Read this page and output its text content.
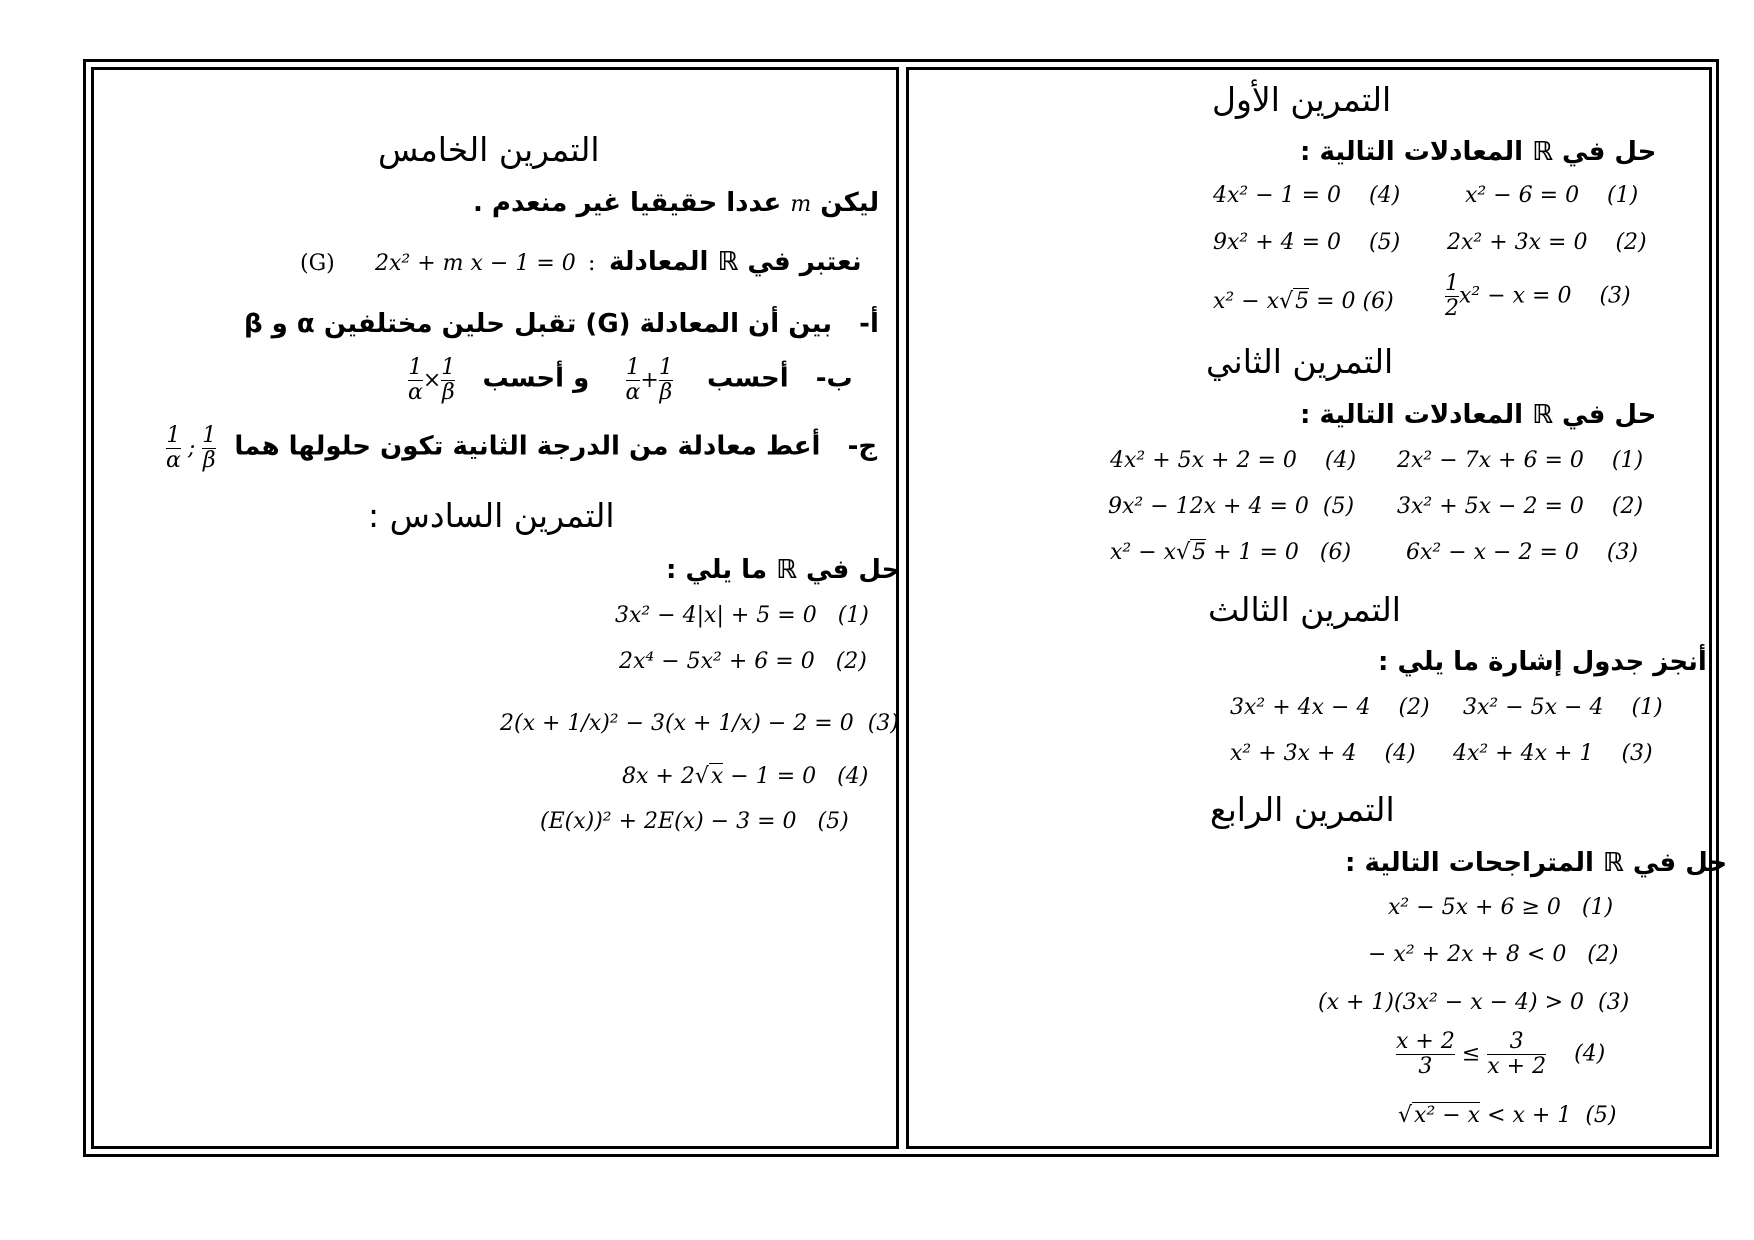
التمرين الأول
حل في ℝ المعادلات التالية :
x² − 6 = 0 (1)
4x² − 1 = 0 (4)
2x² + 3x = 0 (2)
9x² + 4 = 0 (5)
$\frac{1}{2} x^2 - x = 0$ (3)
x² − x√5 = 0 (6)
التمرين الثاني
حل في ℝ المعادلات التالية :
2x² − 7x + 6 = 0 (1)
4x² + 5x + 2 = 0 (4)
3x² + 5x − 2 = 0 (2)
9x² − 12x + 4 = 0 (5)
6x² − x − 2 = 0 (3)
x² − x√5 + 1 = 0 (6)
التمرين الثالث
أنجز جدول إشارة ما يلي :
3x² − 5x − 4 (1)
3x² + 4x − 4 (2)
4x² + 4x + 1 (3)
x² + 3x + 4 (4)
التمرين الرابع
حل في ℝ المتراجحات التالية :
x² − 5x + 6 ≥ 0 (1)
− x² + 2x + 8 < 0 (2)
(x + 1)(3x² − x − 4) > 0 (3)
$\frac{x + 2}{3} \le \frac{3}{x + 2} (4)$
√x² − x < x + 1 (5)
التمرين الخامس
ليكن m عددا حقيقيا غير منعدم .
نعتبر في ℝ المعادلة
:
2x² + m x − 1 = 0
(G)
أ-   بين أن المعادلة (G) تقبل حلين مختلفين α و β
ب-   أحسب
$\frac{1}{\alpha} + \frac{1}{\beta}$
و أحسب
$\frac{1}{\alpha} \times \frac{1}{\beta}$
ج-   أعط معادلة من الدرجة الثانية تكون حلولها هما
$\frac{1}{\alpha}$ ; $\frac{1}{\beta}$
التمرين السادس :
حل في ℝ ما يلي :
3x² − 4|x| + 5 = 0 (1)
2x⁴ − 5x² + 6 = 0 (2)
2(x + 1/x)² − 3(x + 1/x) − 2 = 0 (3)
8x + 2√x − 1 = 0 (4)
(E(x))² + 2E(x) − 3 = 0 (5)
